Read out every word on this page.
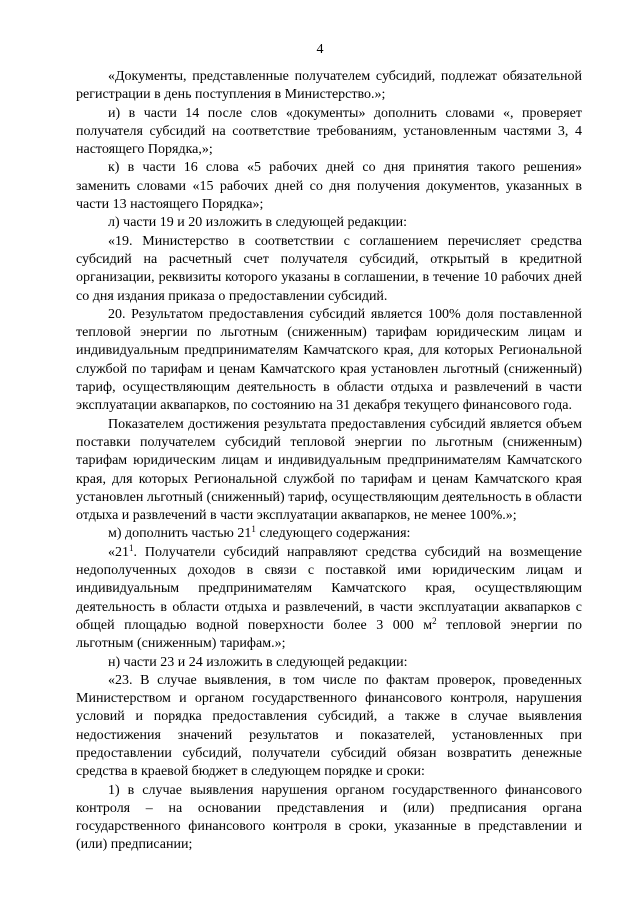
4

«Документы, представленные получателем субсидий, подлежат обязательной регистрации в день поступления в Министерство.»;

и) в части 14 после слов «документы» дополнить словами «, проверяет получателя субсидий на соответствие требованиям, установленным частями 3, 4 настоящего Порядка,»;

к) в части 16 слова «5 рабочих дней со дня принятия такого решения» заменить словами «15 рабочих дней со дня получения документов, указанных в части 13 настоящего Порядка»;

л) части 19 и 20 изложить в следующей редакции:

«19. Министерство в соответствии с соглашением перечисляет средства субсидий на расчетный счет получателя субсидий, открытый в кредитной организации, реквизиты которого указаны в соглашении, в течение 10 рабочих дней со дня издания приказа о предоставлении субсидий.

20. Результатом предоставления субсидий является 100% доля поставленной тепловой энергии по льготным (сниженным) тарифам юридическим лицам и индивидуальным предпринимателям Камчатского края, для которых Региональной службой по тарифам и ценам Камчатского края установлен льготный (сниженный) тариф, осуществляющим деятельность в области отдыха и развлечений в части эксплуатации аквапарков, по состоянию на 31 декабря текущего финансового года.

Показателем достижения результата предоставления субсидий является объем поставки получателем субсидий тепловой энергии по льготным (сниженным) тарифам юридическим лицам и индивидуальным предпринимателям Камчатского края, для которых Региональной службой по тарифам и ценам Камчатского края установлен льготный (сниженный) тариф, осуществляющим деятельность в области отдыха и развлечений в части эксплуатации аквапарков, не менее 100%.»;

м) дополнить частью $21^1$ следующего содержания:

«$21^1$. Получатели субсидий направляют средства субсидий на возмещение недополученных доходов в связи с поставкой ими юридическим лицам и индивидуальным предпринимателям Камчатского края, осуществляющим деятельность в области отдыха и развлечений, в части эксплуатации аквапарков с общей площадью водной поверхности более 3 000 $м^2$ тепловой энергии по льготным (сниженным) тарифам.»;

н) части 23 и 24 изложить в следующей редакции:

«23. В случае выявления, в том числе по фактам проверок, проведенных Министерством и органом государственного финансового контроля, нарушения условий и порядка предоставления субсидий, а также в случае выявления недостижения значений результатов и показателей, установленных при предоставлении субсидий, получатели субсидий обязан возвратить денежные средства в краевой бюджет в следующем порядке и сроки:

1) в случае выявления нарушения органом государственного финансового контроля – на основании представления и (или) предписания органа государственного финансового контроля в сроки, указанные в представлении и (или) предписании;
